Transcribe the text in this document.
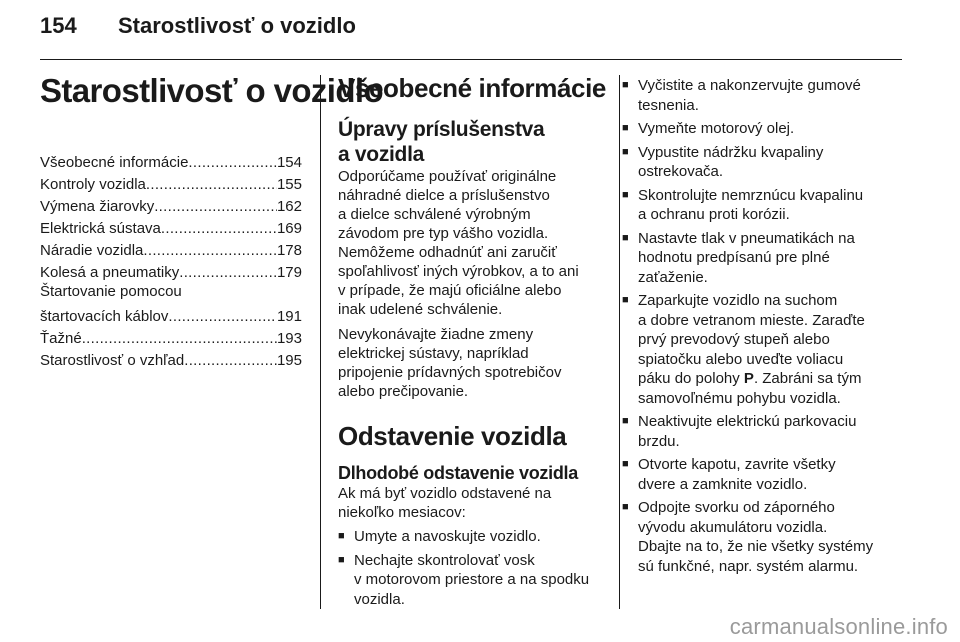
154 Starostlivosť o vozidlo
Starostlivosť o vozidlo
Všeobecné informácie .....	154
Kontroly vozidla .....	155
Výmena žiarovky .....	162
Elektrická sústava .....	169
Náradie vozidla .....	178
Kolesá a pneumatiky .....	179
Štartovanie pomocou
štartovacích káblov .....	191
Ťažné .....	193
Starostlivosť o vzhľad .....	195
Všeobecné informácie
Úpravy príslušenstva
a vozidla

Odporúčame používať originálne
náhradné dielce a príslušenstvo
a dielce schválené výrobným
závodom pre typ vášho vozidla.
Nemôžeme odhadnúť ani zaručiť
spoľahlivosť iných výrobkov, a to ani
v prípade, že majú oficiálne alebo
inak udelené schválenie.

Nevykonávajte žiadne zmeny
elektrickej sústavy, napríklad
pripojenie prídavných spotrebičov
alebo prečipovanie.

Odstavenie vozidla
Dlhodobé odstavenie vozidla

Ak má byť vozidlo odstavené na
niekoľko mesiacov:

■ Umyte a navoskujte vozidlo.
■ Nechajte skontrolovať vosk
v motorovom priestore a na spodku
vozidla.
■ Vyčistite a nakonzervujte gumové
tesnenia.
■ Vymeňte motorový olej.
■ Vypustite nádržku kvapaliny
ostrekovača.
■ Skontrolujte nemrznúcu kvapalinu
a ochranu proti korózii.
■ Nastavte tlak v pneumatikách na
hodnotu predpísanú pre plné
zaťaženie.
■ Zaparkujte vozidlo na suchom
a dobre vetranom mieste. Zaraďte
prvý prevodový stupeň alebo
spiatočku alebo uveďte voliacu
páku do polohy P. Zabráni sa tým
samovoľnému pohybu vozidla.
■ Neaktivujte elektrickú parkovaciu
brzdu.
■ Otvorte kapotu, zavrite všetky
dvere a zamknite vozidlo.
■ Odpojte svorku od záporného
vývodu akumulátoru vozidla.
Dbajte na to, že nie všetky systémy
sú funkčné, napr. systém alarmu.
carmanualsonline.info
